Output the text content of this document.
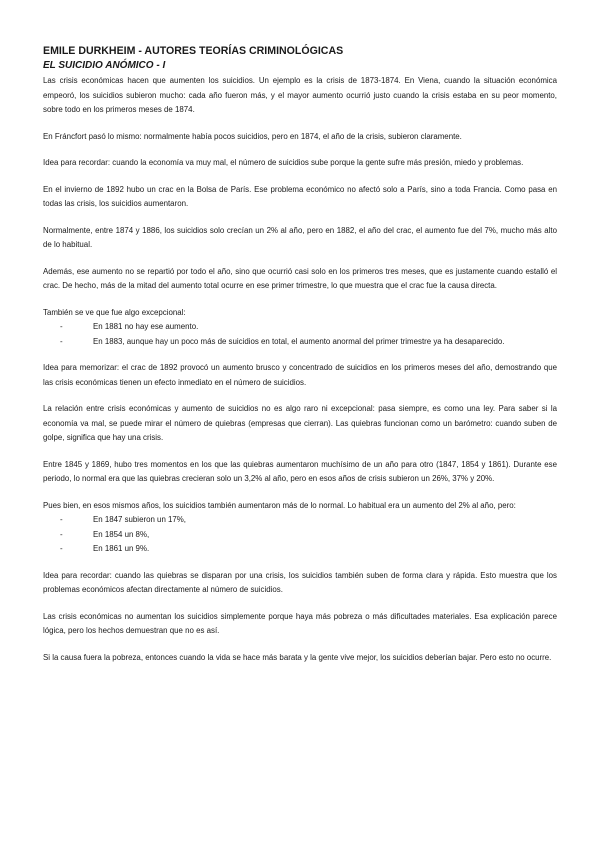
EMILE DURKHEIM - AUTORES TEORÍAS CRIMINOLÓGICAS
EL SUICIDIO ANÓMICO - I

Las crisis económicas hacen que aumenten los suicidios. Un ejemplo es la crisis de 1873-1874. En Viena, cuando la situación económica empeoró, los suicidios subieron mucho: cada año fueron más, y el mayor aumento ocurrió justo cuando la crisis estaba en su peor momento, sobre todo en los primeros meses de 1874.

En Fráncfort pasó lo mismo: normalmente había pocos suicidios, pero en 1874, el año de la crisis, subieron claramente.

Idea para recordar: cuando la economía va muy mal, el número de suicidios sube porque la gente sufre más presión, miedo y problemas.

En el invierno de 1892 hubo un crac en la Bolsa de París. Ese problema económico no afectó solo a París, sino a toda Francia. Como pasa en todas las crisis, los suicidios aumentaron.

Normalmente, entre 1874 y 1886, los suicidios solo crecían un 2% al año, pero en 1882, el año del crac, el aumento fue del 7%, mucho más alto de lo habitual.

Además, ese aumento no se repartió por todo el año, sino que ocurrió casi solo en los primeros tres meses, que es justamente cuando estalló el crac. De hecho, más de la mitad del aumento total ocurre en ese primer trimestre, lo que muestra que el crac fue la causa directa.

También se ve que fue algo excepcional:

- En 1881 no hay ese aumento.
- En 1883, aunque hay un poco más de suicidios en total, el aumento anormal del primer trimestre ya ha desaparecido.

Idea para memorizar: el crac de 1892 provocó un aumento brusco y concentrado de suicidios en los primeros meses del año, demostrando que las crisis económicas tienen un efecto inmediato en el número de suicidios.

La relación entre crisis económicas y aumento de suicidios no es algo raro ni excepcional: pasa siempre, es como una ley. Para saber si la economía va mal, se puede mirar el número de quiebras (empresas que cierran). Las quiebras funcionan como un barómetro: cuando suben de golpe, significa que hay una crisis.

Entre 1845 y 1869, hubo tres momentos en los que las quiebras aumentaron muchísimo de un año para otro (1847, 1854 y 1861). Durante ese periodo, lo normal era que las quiebras crecieran solo un 3,2% al año, pero en esos años de crisis subieron un 26%, 37% y 20%.

Pues bien, en esos mismos años, los suicidios también aumentaron más de lo normal. Lo habitual era un aumento del 2% al año, pero:

- En 1847 subieron un 17%,
- En 1854 un 8%,
- En 1861 un 9%.

Idea para recordar: cuando las quiebras se disparan por una crisis, los suicidios también suben de forma clara y rápida. Esto muestra que los problemas económicos afectan directamente al número de suicidios.

Las crisis económicas no aumentan los suicidios simplemente porque haya más pobreza o más dificultades materiales. Esa explicación parece lógica, pero los hechos demuestran que no es así.

Si la causa fuera la pobreza, entonces cuando la vida se hace más barata y la gente vive mejor, los suicidios deberían bajar. Pero esto no ocurre.
